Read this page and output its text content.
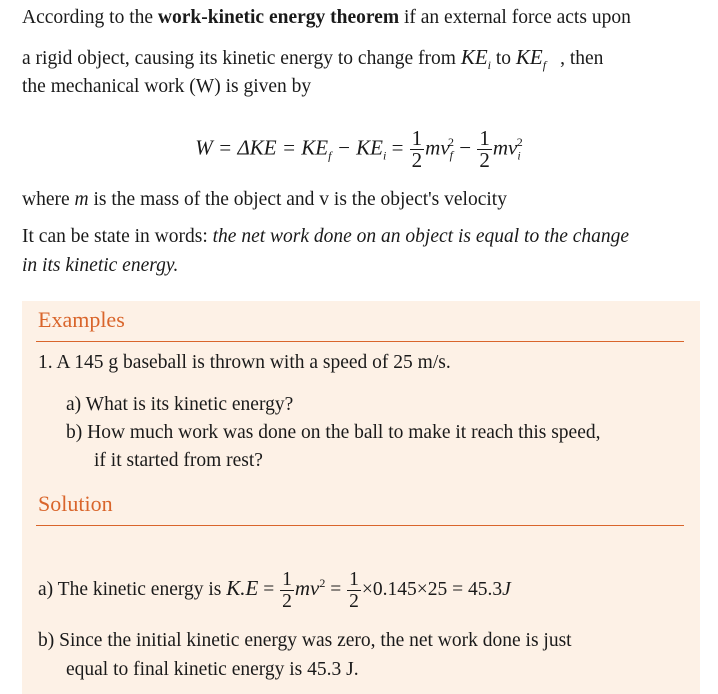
According to the work-kinetic energy theorem if an external force acts upon

a rigid object, causing its kinetic energy to change from $KE_i$ to $KE_f$ , then

the mechanical work (W) is given by

$W = \Delta KE = KE_f - KE_i = \frac{1}{2} mv_f^2 - \frac{1}{2} mv_i^2$

where m is the mass of the object and v is the object's velocity

It can be state in words: the net work done on an object is equal to the change

in its kinetic energy.

Examples

1. A 145 g baseball is thrown with a speed of 25 m/s.

a) What is its kinetic energy?

b) How much work was done on the ball to make it reach this speed,

if it started from rest?

Solution
a) The kinetic energy is $K.E = \frac{1}{2} mv^2 = \frac{1}{2} \times 0.145\times 25 = 45.3J$

b) Since the initial kinetic energy was zero, the net work done is just

equal to final kinetic energy is 45.3 J.
